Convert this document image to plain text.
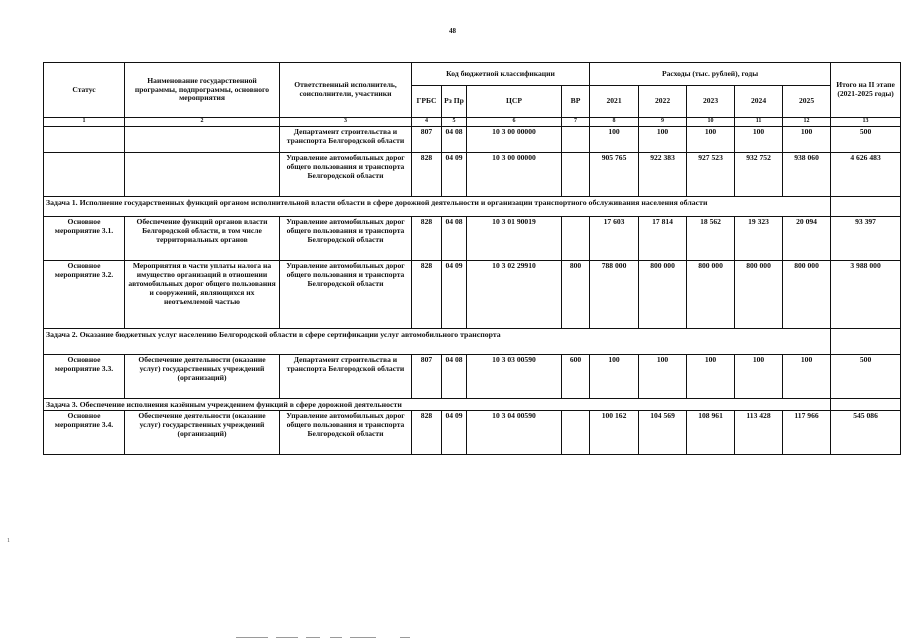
48
1
Статус	Наименование государственной программы, подпрограммы, основного мероприятия	Ответственный исполнитель, соисполнители, участники	Код бюджетной классификации				Расходы (тыс. рублей), годы					Итого на II этапе (2021-2025 годы)
			ГРБС	Рз Пр	ЦСР	ВР	2021	2022	2023	2024	2025	
1	2	3	4	5	6	7	8	9	10	11	12	13
		Департамент строительства и транспорта Белгородской области	807	04 08	10 3 00 00000		100	100	100	100	100	500
		Управление автомобильных дорог общего пользования и транспорта Белгородской области	828	04 09	10 3 00 00000		905 765	922 383	927 523	932 752	938 060	4 626 483
Задача 1. Исполнение государственных функций органом исполнительной власти области в сфере дорожной деятельности и организации транспортного обслуживания населения области												
Основное мероприятие 3.1.	Обеспечение функций органов власти Белгородской области, в том числе территориальных органов	Управление автомобильных дорог общего пользования и транспорта Белгородской области	828	04 08	10 3 01 90019		17 603	17 814	18 562	19 323	20 094	93 397
Основное мероприятие 3.2.	Мероприятия в части уплаты налога на имущество организаций в отношении автомобильных дорог общего пользования и сооружений, являющихся их неотъемлемой частью	Управление автомобильных дорог общего пользования и транспорта Белгородской области	828	04 09	10 3 02 29910	800	788 000	800 000	800 000	800 000	800 000	3 988 000
Задача 2. Оказание бюджетных услуг населению Белгородской области в сфере сертификации услуг автомобильного транспорта												
Основное мероприятие 3.3.	Обеспечение деятельности (оказание услуг) государственных учреждений (организаций)	Департамент строительства и транспорта Белгородской области	807	04 08	10 3 03 00590	600	100	100	100	100	100	500
Задача 3. Обеспечение исполнения казённым учреждением функций в сфере дорожной деятельности												
Основное мероприятие 3.4.	Обеспечение деятельности (оказание услуг) государственных учреждений (организаций)	Управление автомобильных дорог общего пользования и транспорта Белгородской области	828	04 09	10 3 04 00590		100 162	104 569	108 961	113 428	117 966	545 086
